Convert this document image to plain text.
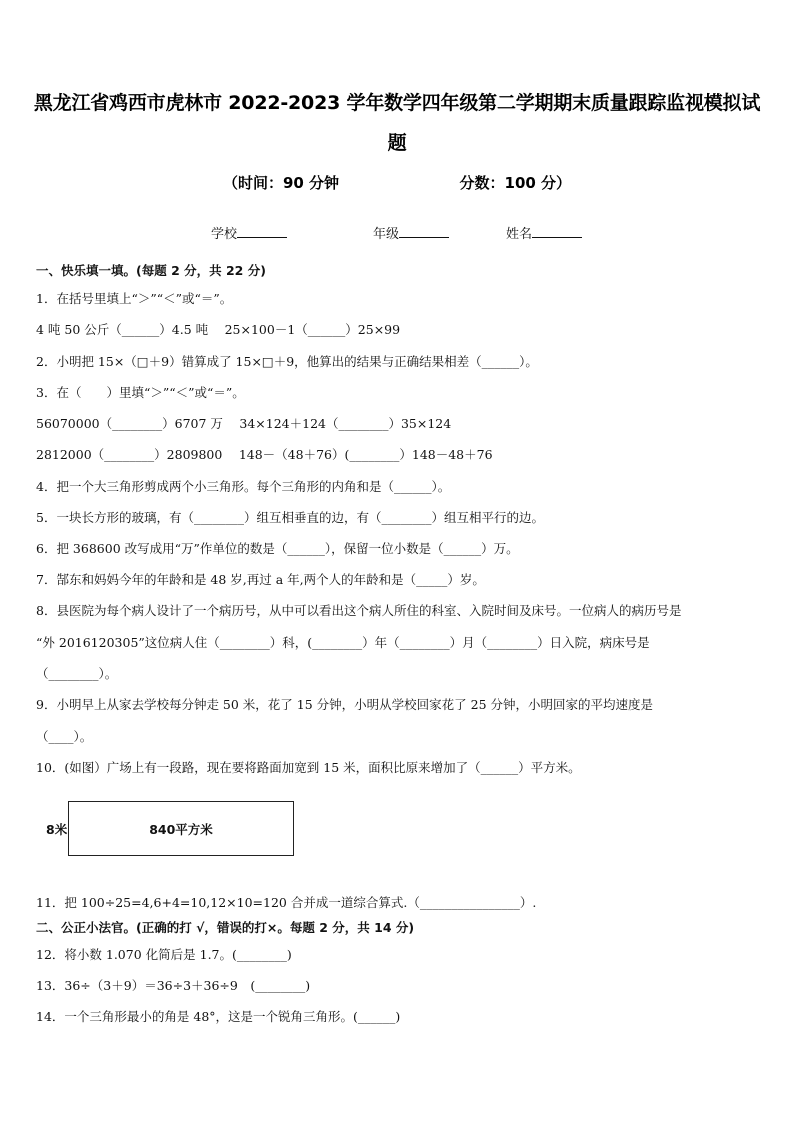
黑龙江省鸡西市虎林市 2022-2023 学年数学四年级第二学期期末质量跟踪监视模拟试
题
（时间：90 分钟	分数：100 分）
学校	年级	姓名
一、快乐填一填。(每题 2 分，共 22 分)
1．在括号里填上“＞”“＜”或“＝”。
4 吨 50 公斤（______）4.5 吨　 25×100－1（______）25×99
2．小明把 15×（□＋9）错算成了 15×□＋9，他算出的结果与正确结果相差（______）。
3．在（　　）里填“＞”“＜”或“＝”。
56070000（________）6707 万　 34×124＋124（________）35×124
2812000（________）2809800　 148－（48＋76）(________）148－48＋76
4．把一个大三角形剪成两个小三角形。每个三角形的内角和是（______）。
5．一块长方形的玻璃，有（________）组互相垂直的边，有（________）组互相平行的边。
6．把 368600 改写成用“万”作单位的数是（______），保留一位小数是（______）万。
7．郜东和妈妈今年的年龄和是 48 岁,再过 a 年,两个人的年龄和是（_____）岁。
8．县医院为每个病人设计了一个病历号，从中可以看出这个病人所住的科室、入院时间及床号。一位病人的病历号是
“外 2016120305”这位病人住（________）科，(________）年（________）月（________）日入院，病床号是
（________）。
9．小明早上从家去学校每分钟走 50 米，花了 15 分钟，小明从学校回家花了 25 分钟，小明回家的平均速度是
（____）。
10．(如图）广场上有一段路，现在要将路面加宽到 15 米，面积比原来增加了（______）平方米。
8米	840平方米
11．把 100÷25=4,6+4=10,12×10=120 合并成一道综合算式.（________________）.
二、公正小法官。(正确的打 √，错误的打×。每题 2 分，共 14 分)
12．将小数 1.070 化简后是 1.7。(________)
13．36÷（3＋9）＝36÷3＋36÷9　(________)
14．一个三角形最小的角是 48°，这是一个锐角三角形。(______)
